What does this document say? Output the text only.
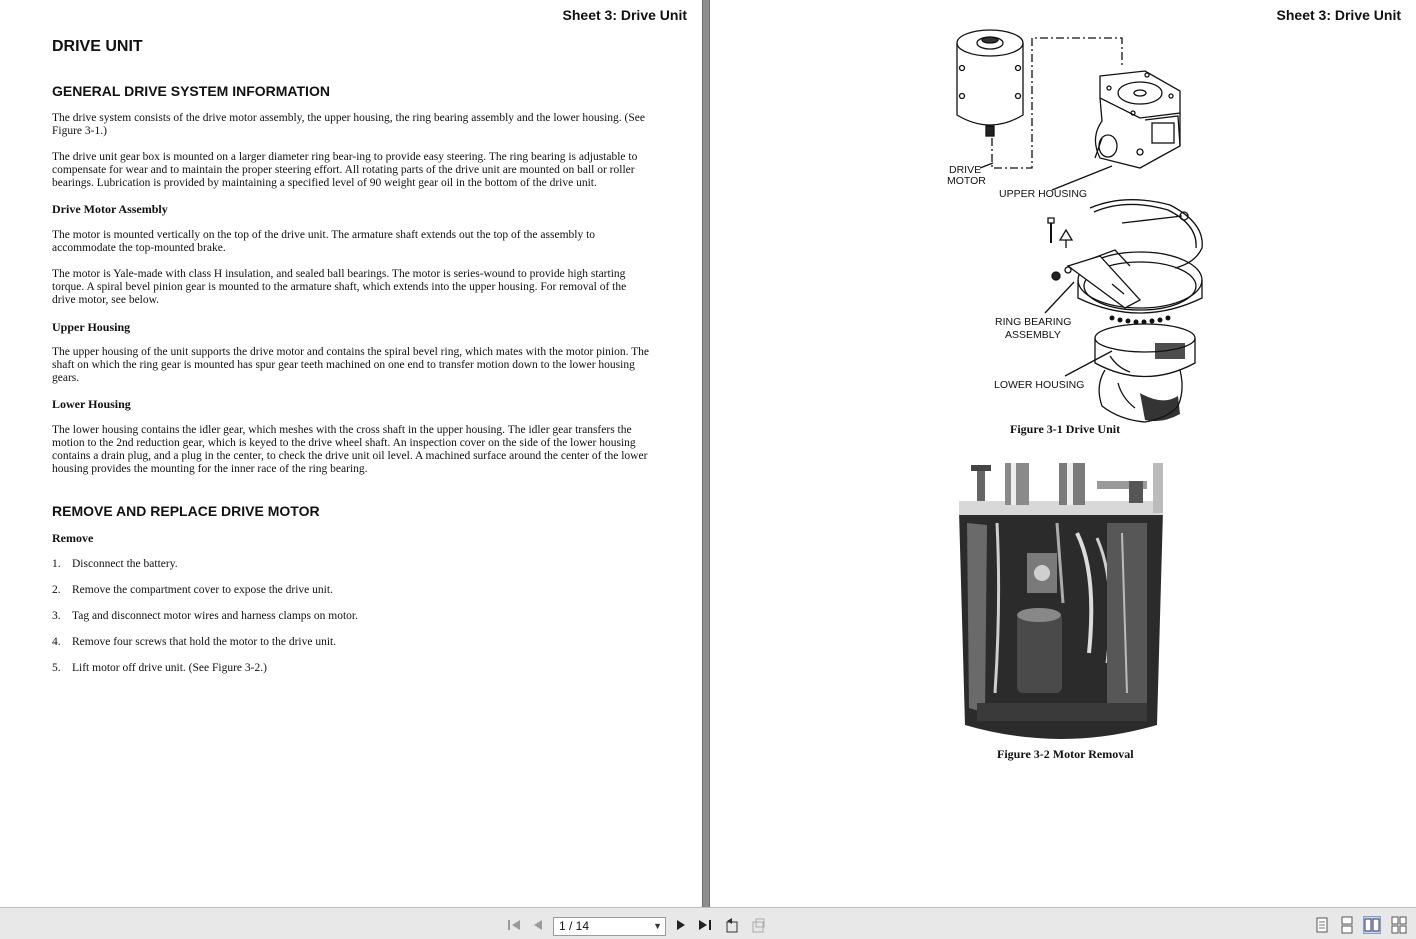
Sheet 3: Drive Unit
DRIVE UNIT
GENERAL DRIVE SYSTEM INFORMATION
The drive system consists of the drive motor assembly, the upper housing, the ring bearing assembly and the lower housing. (See Figure 3-1.)
The drive unit gear box is mounted on a larger diameter ring bear-ing to provide easy steering. The ring bearing is adjustable to compensate for wear and to maintain the proper steering effort. All rotating parts of the drive unit are mounted on ball or roller bearings. Lubrication is provided by maintaining a specified level of 90 weight gear oil in the bottom of the drive unit.
Drive Motor Assembly
The motor is mounted vertically on the top of the drive unit. The armature shaft extends out the top of the assembly to accommodate the top-mounted brake.
The motor is Yale-made with class H insulation, and sealed ball bearings. The motor is series-wound to provide high starting torque. A spiral bevel pinion gear is mounted to the armature shaft, which extends into the upper housing. For removal of the drive motor, see below.
Upper Housing
The upper housing of the unit supports the drive motor and contains the spiral bevel ring, which mates with the motor pinion. The shaft on which the ring gear is mounted has spur gear teeth machined on one end to transfer motion down to the lower housing gears.
Lower Housing
The lower housing contains the idler gear, which meshes with the cross shaft in the upper housing. The idler gear transfers the motion to the 2nd reduction gear, which is keyed to the drive wheel shaft. An inspection cover on the side of the lower housing contains a drain plug, and a plug in the center, to check the drive unit oil level. A machined surface around the center of the lower housing provides the mounting for the inner race of the ring bearing.
REMOVE AND REPLACE DRIVE MOTOR
Remove
1. Disconnect the battery.
2. Remove the compartment cover to expose the drive unit.
3. Tag and disconnect motor wires and harness clamps on motor.
4. Remove four screws that hold the motor to the drive unit.
5. Lift motor off drive unit. (See Figure 3-2.)
Sheet 3: Drive Unit
DRIVE
MOTOR
UPPER HOUSING
RING BEARING
ASSEMBLY
LOWER HOUSING
Figure 3-1 Drive Unit
Figure 3-2 Motor Removal
1 / 14	▼
